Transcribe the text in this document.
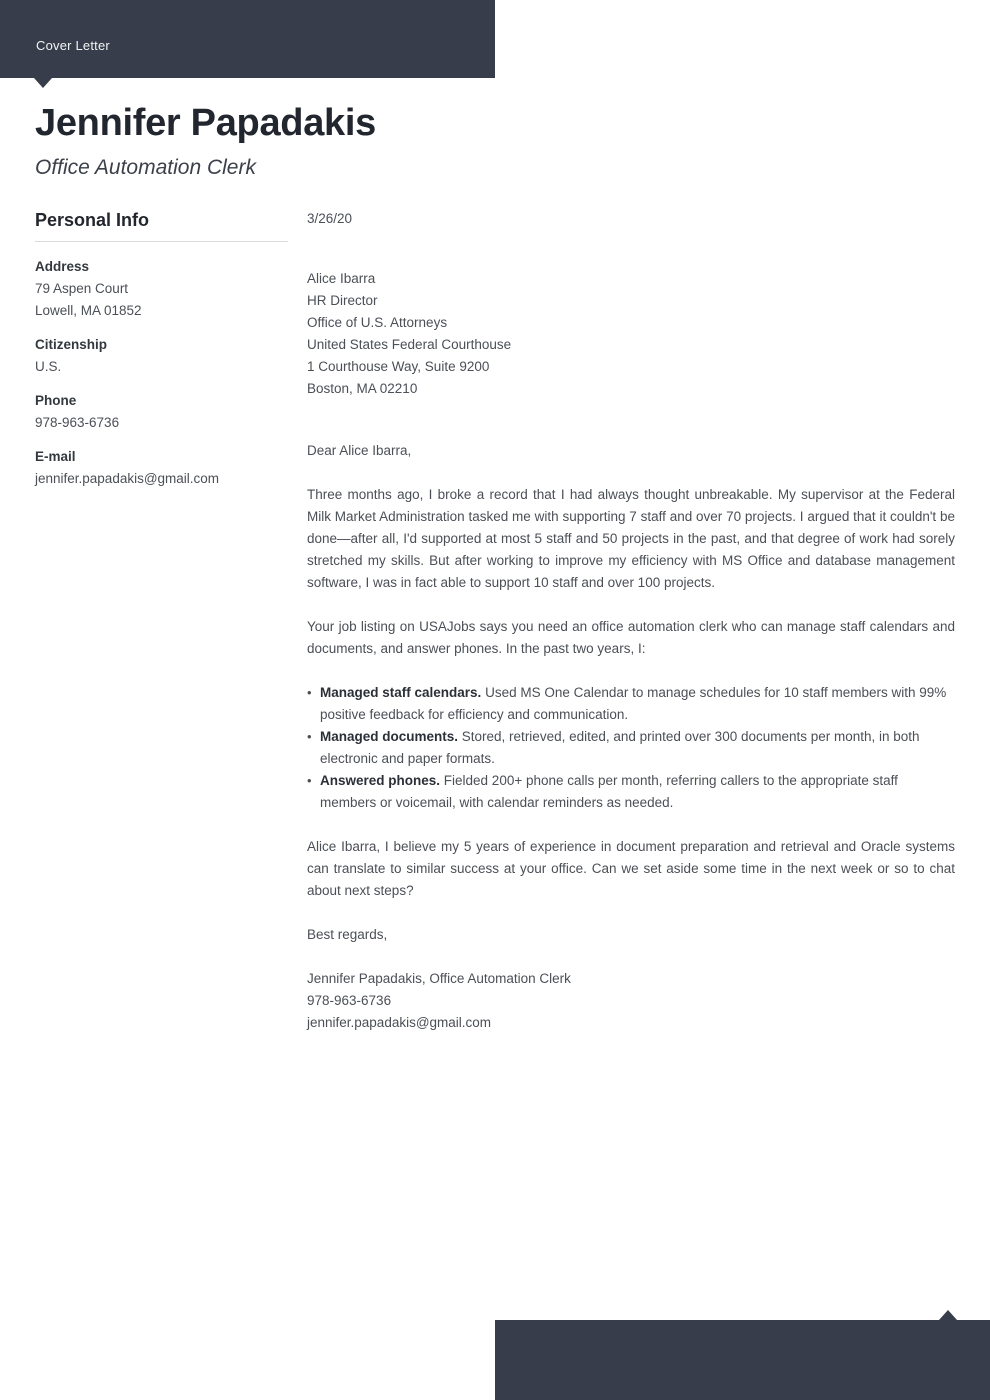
Cover Letter
Jennifer Papadakis
Office Automation Clerk
Personal Info
Address
79 Aspen Court
Lowell, MA 01852
Citizenship
U.S.
Phone
978-963-6736
E-mail
jennifer.papadakis@gmail.com
3/26/20
Alice Ibarra
HR Director
Office of U.S. Attorneys
United States Federal Courthouse
1 Courthouse Way, Suite 9200
Boston, MA 02210
Dear Alice Ibarra,

Three months ago, I broke a record that I had always thought unbreakable. My supervisor at the Federal Milk Market Administration tasked me with supporting 7 staff and over 70 projects. I argued that it couldn't be done—after all, I'd supported at most 5 staff and 50 projects in the past, and that degree of work had sorely stretched my skills. But after working to improve my efficiency with MS Office and database management software, I was in fact able to support 10 staff and over 100 projects.

Your job listing on USAJobs says you need an office automation clerk who can manage staff calendars and documents, and answer phones. In the past two years, I:

• Managed staff calendars. Used MS One Calendar to manage schedules for 10 staff members with 99% positive feedback for efficiency and communication.
• Managed documents. Stored, retrieved, edited, and printed over 300 documents per month, in both electronic and paper formats.
• Answered phones. Fielded 200+ phone calls per month, referring callers to the appropriate staff members or voicemail, with calendar reminders as needed.

Alice Ibarra, I believe my 5 years of experience in document preparation and retrieval and Oracle systems can translate to similar success at your office. Can we set aside some time in the next week or so to chat about next steps?

Best regards,
Jennifer Papadakis, Office Automation Clerk
978-963-6736
jennifer.papadakis@gmail.com
